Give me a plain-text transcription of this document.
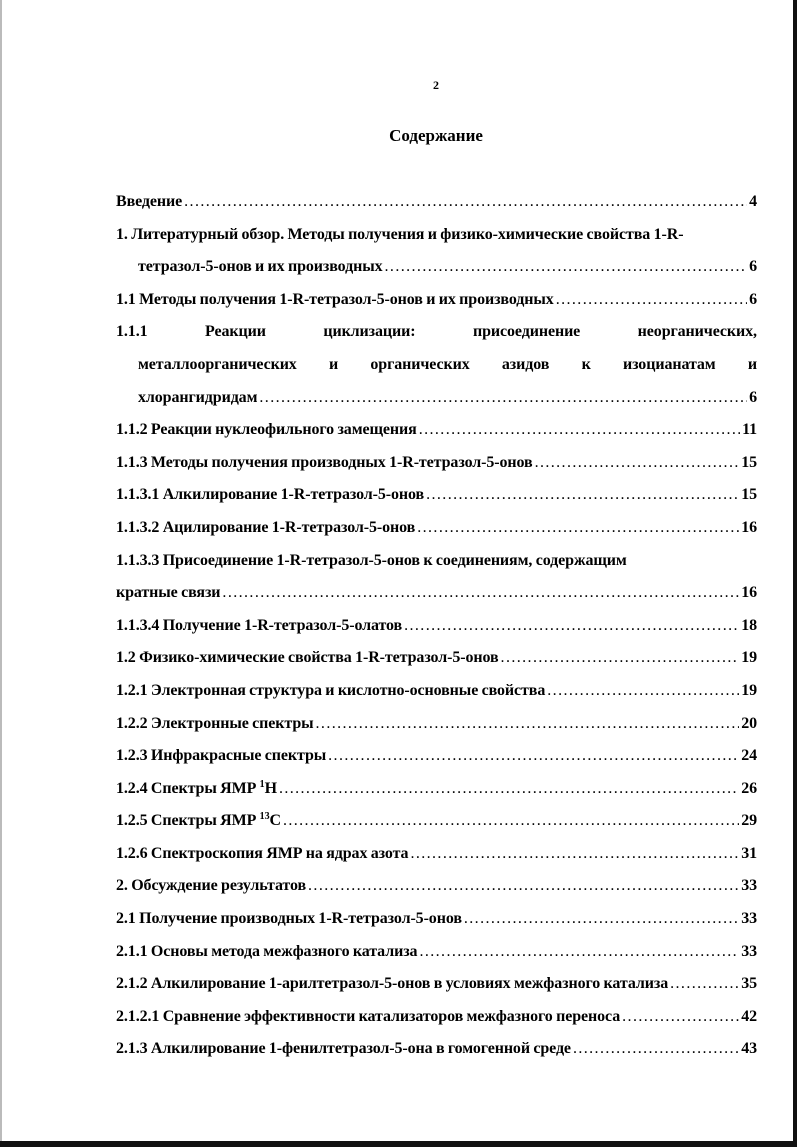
2
Содержание
Введение .....	4
1. Литературный обзор. Методы получения и физико-химические свойства 1-R-
тетразол-5-онов и их производных .....	6
1.1 Методы получения 1-R-тетразол-5-онов и их производных .....	6
1.1.1	Реакции	циклизации:	присоединение	неорганических,
металлоорганических и органических азидов к изоцианатам и
хлорангидридам .....	6
1.1.2 Реакции нуклеофильного замещения .....	11
1.1.3 Методы получения производных 1-R-тетразол-5-онов .....	15
1.1.3.1 Алкилирование 1-R-тетразол-5-онов .....	15
1.1.3.2 Ацилирование 1-R-тетразол-5-онов .....	16
1.1.3.3 Присоединение 1-R-тетразол-5-онов к соединениям, содержащим
кратные связи .....	16
1.1.3.4 Получение 1-R-тетразол-5-олатов .....	18
1.2 Физико-химические свойства 1-R-тетразол-5-онов .....	19
1.2.1 Электронная структура и кислотно-основные свойства .....	19
1.2.2 Электронные спектры .....	20
1.2.3 Инфракрасные спектры .....	24
1.2.4 Спектры ЯМР $^1$H .....	26
1.2.5 Спектры ЯМР $^{13}$C .....	29
1.2.6 Спектроскопия ЯМР на ядрах азота .....	31
2. Обсуждение результатов .....	33
2.1 Получение производных 1-R-тетразол-5-онов .....	33
2.1.1 Основы метода межфазного катализа .....	33
2.1.2 Алкилирование 1-арилтетразол-5-онов в условиях межфазного катализа .....	35
2.1.2.1 Сравнение эффективности катализаторов межфазного переноса .....	42
2.1.3 Алкилирование 1-фенилтетразол-5-она в гомогенной среде .....	43
